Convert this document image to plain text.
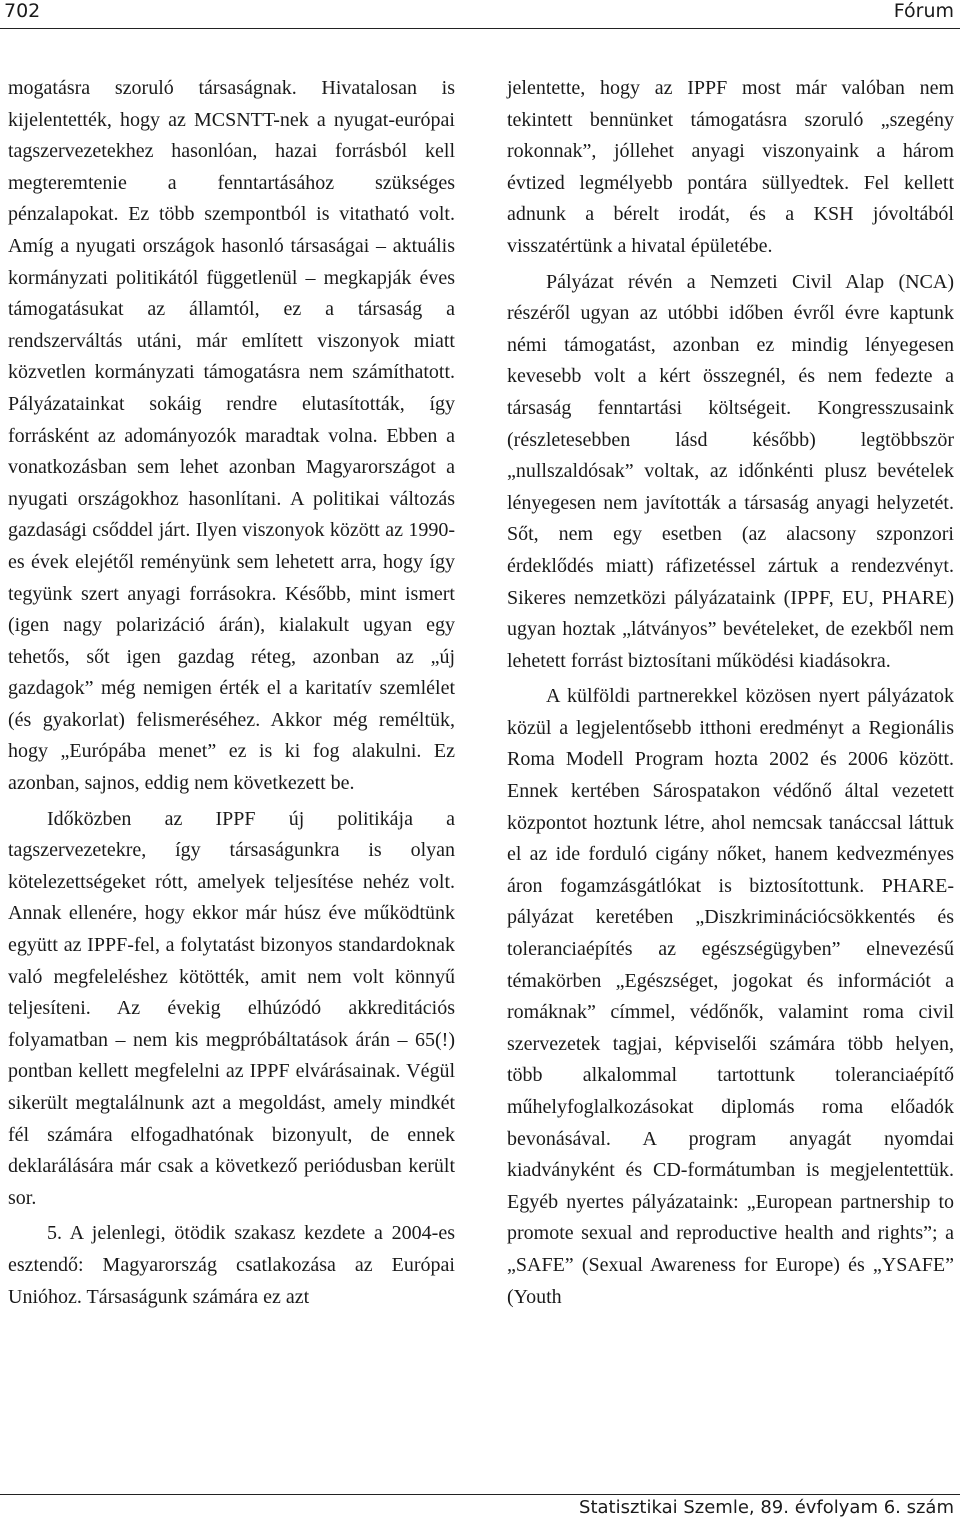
702	Fórum

mogatásra szoruló társaságnak. Hivatalosan is kijelentették, hogy az MCSNTT-nek a nyugat-európai tagszervezetekhez hasonlóan, hazai forrásból kell megteremtenie a fenntartásához szükséges pénzalapokat. Ez több szempontból is vitatható volt. Amíg a nyugati országok hasonló társaságai – aktuális kormányzati politikától függetlenül – megkapják éves támogatásukat az államtól, ez a társaság a rendszerváltás utáni, már említett viszonyok miatt közvetlen kormányzati támogatásra nem számíthatott. Pályázatainkat sokáig rendre elutasították, így forrásként az adományozók maradtak volna. Ebben a vonatkozásban sem lehet azonban Magyarországot a nyugati országokhoz hasonlítani. A politikai változás gazdasági csőddel járt. Ilyen viszonyok között az 1990-es évek elejétől reményünk sem lehetett arra, hogy így tegyünk szert anyagi forrásokra. Később, mint ismert (igen nagy polarizáció árán), kialakult ugyan egy tehetős, sőt igen gazdag réteg, azonban az „új gazdagok” még nemigen érték el a karitatív szemlélet (és gyakorlat) felismeréséhez. Akkor még reméltük, hogy „Európába menet” ez is ki fog alakulni. Ez azonban, sajnos, eddig nem következett be.

Időközben az IPPF új politikája a tagszervezetekre, így társaságunkra is olyan kötelezettségeket rótt, amelyek teljesítése nehéz volt. Annak ellenére, hogy ekkor már húsz éve működtünk együtt az IPPF-fel, a folytatást bizonyos standardoknak való megfeleléshez kötötték, amit nem volt könnyű teljesíteni. Az évekig elhúzódó akkreditációs folyamatban – nem kis megpróbáltatások árán – 65(!) pontban kellett megfelelni az IPPF elvárásainak. Végül sikerült megtalálnunk azt a megoldást, amely mindkét fél számára elfogadhatónak bizonyult, de ennek deklarálására már csak a következő periódusban került sor.

5. A jelenlegi, ötödik szakasz kezdete a 2004-es esztendő: Magyarország csatlakozása az Európai Unióhoz. Társaságunk számára ez azt

jelentette, hogy az IPPF most már valóban nem tekintett bennünket támogatásra szoruló „szegény rokonnak”, jóllehet anyagi viszonyaink a három évtized legmélyebb pontára süllyedtek. Fel kellett adnunk a bérelt irodát, és a KSH jóvoltából visszatértünk a hivatal épületébe.

Pályázat révén a Nemzeti Civil Alap (NCA) részéről ugyan az utóbbi időben évről évre kaptunk némi támogatást, azonban ez mindig lényegesen kevesebb volt a kért összegnél, és nem fedezte a társaság fenntartási költségeit. Kongresszusaink (részletesebben lásd később) legtöbbször „nullszaldósak” voltak, az időnkénti plusz bevételek lényegesen nem javították a társaság anyagi helyzetét. Sőt, nem egy esetben (az alacsony szponzori érdeklődés miatt) ráfizetéssel zártuk a rendezvényt. Sikeres nemzetközi pályázataink (IPPF, EU, PHARE) ugyan hoztak „látványos” bevételeket, de ezekből nem lehetett forrást biztosítani működési kiadásokra.

A külföldi partnerekkel közösen nyert pályázatok közül a legjelentősebb itthoni eredményt a Regionális Roma Modell Program hozta 2002 és 2006 között. Ennek kertében Sárospatakon védőnő által vezetett központot hoztunk létre, ahol nemcsak tanáccsal láttuk el az ide forduló cigány nőket, hanem kedvezményes áron fogamzásgátlókat is biztosítottunk. PHARE-pályázat keretében „Diszkriminációcsökkentés és toleranciaépítés az egészségügyben” elnevezésű témakörben „Egészséget, jogokat és információt a romáknak” címmel, védőnők, valamint roma civil szervezetek tagjai, képviselői számára több helyen, több alkalommal tartottunk toleranciaépítő műhelyfoglalkozásokat diplomás roma előadók bevonásával. A program anyagát nyomdai kiadványként és CD-formátumban is megjelentettük. Egyéb nyertes pályázataink: „European partnership to promote sexual and reproductive health and rights”; a „SAFE” (Sexual Awareness for Europe) és „YSAFE” (Youth

Statisztikai Szemle, 89. évfolyam 6. szám
